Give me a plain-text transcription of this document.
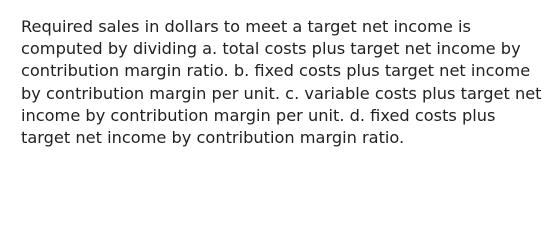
Required sales in dollars to meet a target net income is computed by dividing a. total costs plus target net income by contribution margin ratio. b. fixed costs plus target net income by contribution margin per unit. c. variable costs plus target net income by contribution margin per unit. d. fixed costs plus target net income by contribution margin ratio.
